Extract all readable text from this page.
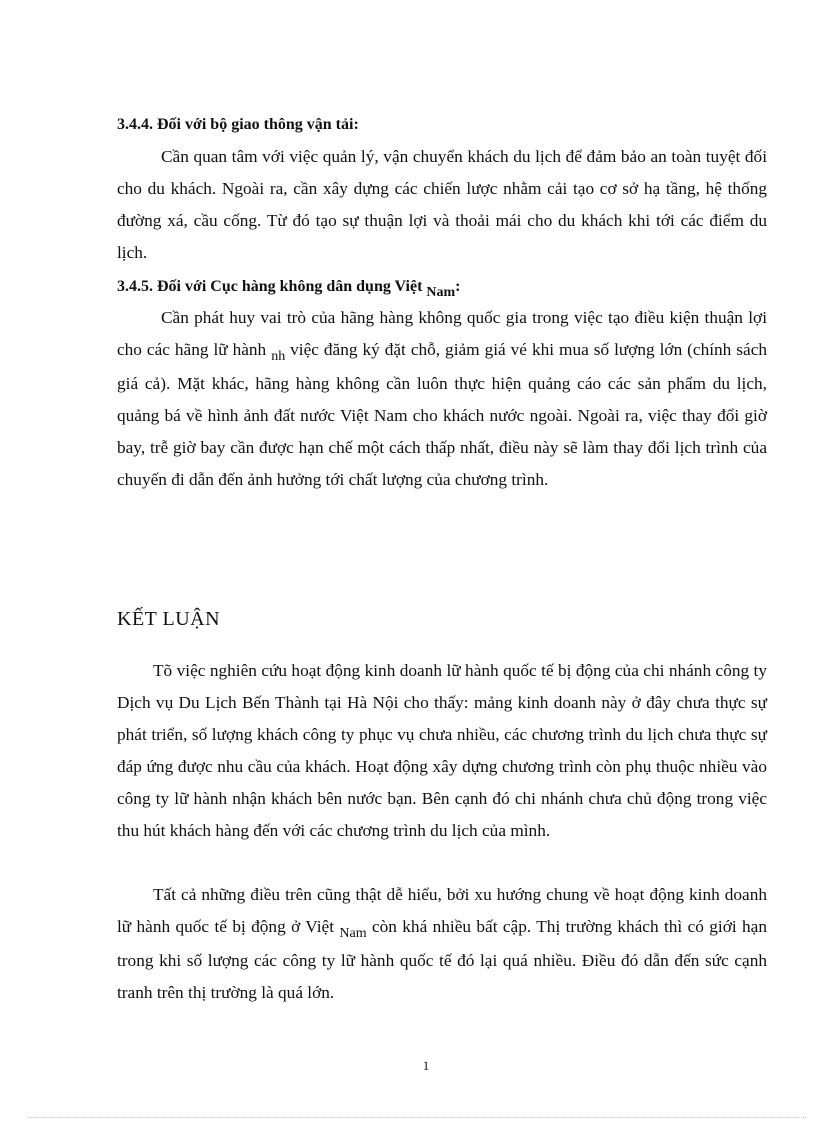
3.4.4. Đối với bộ giao thông vận tải:

Cần quan tâm với việc quản lý, vận chuyển khách du lịch để đảm bảo an toàn tuyệt đối cho du khách. Ngoài ra, cần xây dựng các chiến lược nhằm cải tạo cơ sở hạ tầng, hệ thống đường xá, cầu cống. Từ đó tạo sự thuận lợi và thoải mái cho du khách khi tới các điểm du lịch.

3.4.5. Đối với Cục hàng không dân dụng Việt Nam:

Cần phát huy vai trò của hãng hàng không quốc gia trong việc tạo điều kiện thuận lợi cho các hãng lữ hành $_{nh}$ việc đăng ký đặt chỗ, giảm giá vé khi mua số lượng lớn (chính sách giá cả). Mặt khác, hãng hàng không cần luôn thực hiện quảng cáo các sản phẩm du lịch, quảng bá về hình ảnh đất nước Việt Nam cho khách nước ngoài. Ngoài ra, việc thay đổi giờ bay, trễ giờ bay cần được hạn chế một cách thấp nhất, điều này sẽ làm thay đổi lịch trình của chuyến đi dẫn đến ảnh hưởng tới chất lượng của chương trình.

KẾT LUẬN

Tõ việc nghiên cứu hoạt động kinh doanh lữ hành quốc tế bị động của chi nhánh công ty Dịch vụ Du Lịch Bến Thành tại Hà Nội cho thấy: mảng kinh doanh này ở đây chưa thực sự phát triển, số lượng khách công ty phục vụ chưa nhiều, các chương trình du lịch chưa thực sự đáp ứng được nhu cầu của khách. Hoạt động xây dựng chương trình còn phụ thuộc nhiều vào công ty lữ hành nhận khách bên nước bạn. Bên cạnh đó chi nhánh chưa chủ động trong việc thu hút khách hàng đến với các chương trình du lịch của mình.

Tất cả những điều trên cũng thật dễ hiểu, bởi xu hướng chung về hoạt động kinh doanh lữ hành quốc tế bị động ở Việt $_{Nam}$ còn khá nhiều bất cập. Thị trường khách thì có giới hạn trong khi số lượng các công ty lữ hành quốc tế đó lại quá nhiều. Điều đó dẫn đến sức cạnh tranh trên thị trường là quá lớn.

1
